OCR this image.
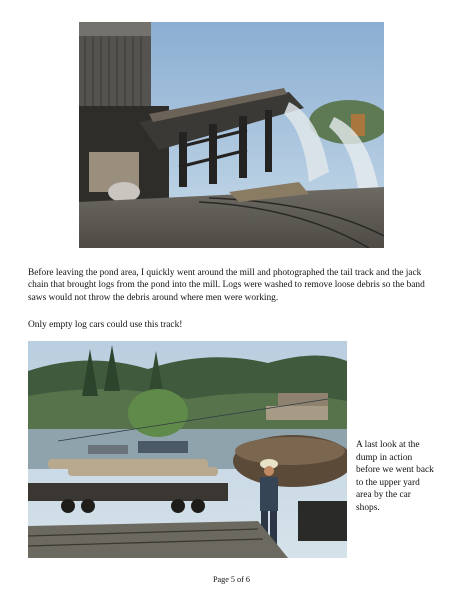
Before leaving the pond area, I quickly went around the mill and photographed the tail track and the jack chain that brought logs from the pond into the mill. Logs were washed to remove loose debris so the band saws would not throw the debris around where men were working.

Only empty log cars could use this track!

A last look at the dump in action before we went back to the upper yard area by the car shops.

Page 5 of 6
